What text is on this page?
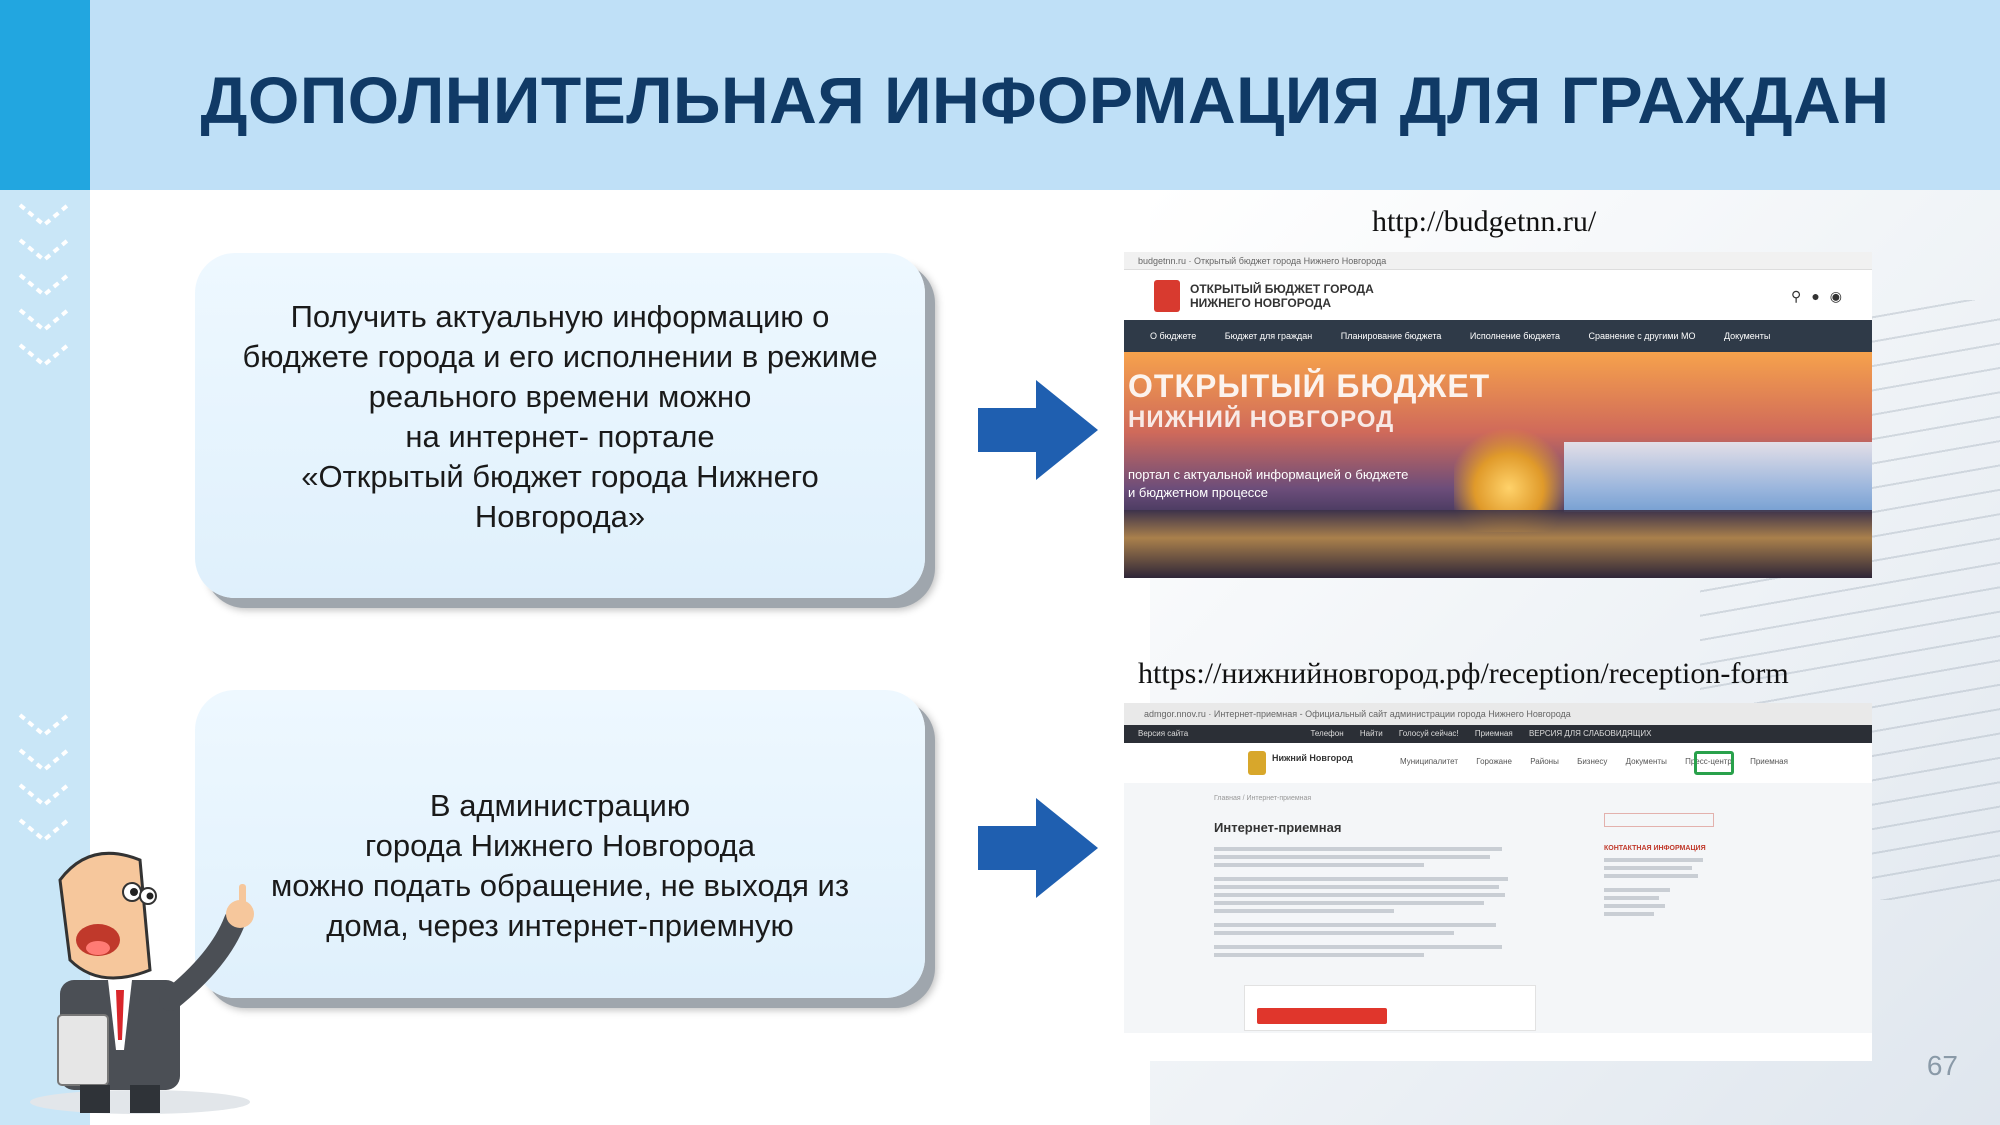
ДОПОЛНИТЕЛЬНАЯ ИНФОРМАЦИЯ ДЛЯ ГРАЖДАН
Получить актуальную информацию о
бюджете города и его исполнении в режиме
реального времени можно
на интернет- портале
«Открытый бюджет города Нижнего
Новгорода»
В администрацию
города Нижнего Новгорода
можно подать обращение, не выходя из
дома, через интернет-приемную
http://budgetnn.ru/
https://нижнийновгород.рф/reception/reception-form
budgetnn.ru · Открытый бюджет города Нижнего Новгорода
ОТКРЫТЫЙ БЮДЖЕТ ГОРОДА
НИЖНЕГО НОВГОРОДА	⚲●◉
О бюджете	Бюджет для граждан	Планирование бюджета	Исполнение бюджета	Сравнение с другими МО	Документы
ОТКРЫТЫЙ БЮДЖЕТ
НИЖНИЙ НОВГОРОД
портал с актуальной информацией о бюджете
и бюджетном процессе
admgor.nnov.ru · Интернет-приемная - Официальный сайт администрации города Нижнего Новгорода
Версия сайта	Телефон Найти Голосуй сейчас! Приемная ВЕРСИЯ ДЛЯ СЛАБОВИДЯЩИХ
Нижний Новгород	Муниципалитет Горожане Районы Бизнесу Документы Пресс-центр Приемная
Главная / Интернет-приемная
Интернет-приемная
КОНТАКТНАЯ ИНФОРМАЦИЯ
67
